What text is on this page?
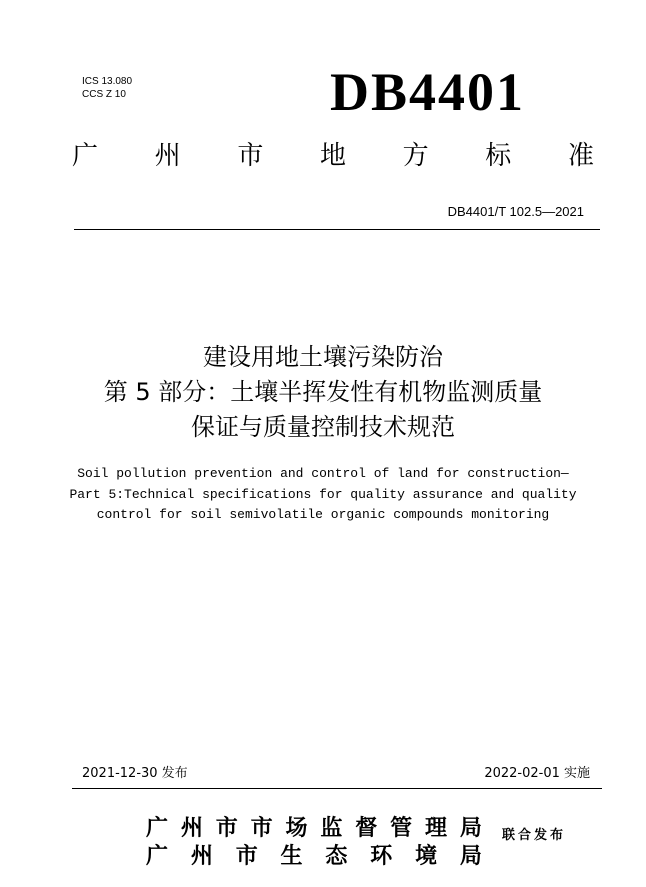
ICS 13.080
CCS Z 10	DB4401
广 州 市 地 方 标 准
DB4401/T 102.5—2021
建设用地土壤污染防治
第 5 部分：土壤半挥发性有机物监测质量
保证与质量控制技术规范
Soil pollution prevention and control of land for construction—
Part 5:Technical specifications for quality assurance and quality
control for soil semivolatile organic compounds monitoring
2021-12-30 发布	2022-02-01 实施
广 州 市 市 场 监 督 管 理 局
广 州 市 生 态 环 境 局
联合发布
